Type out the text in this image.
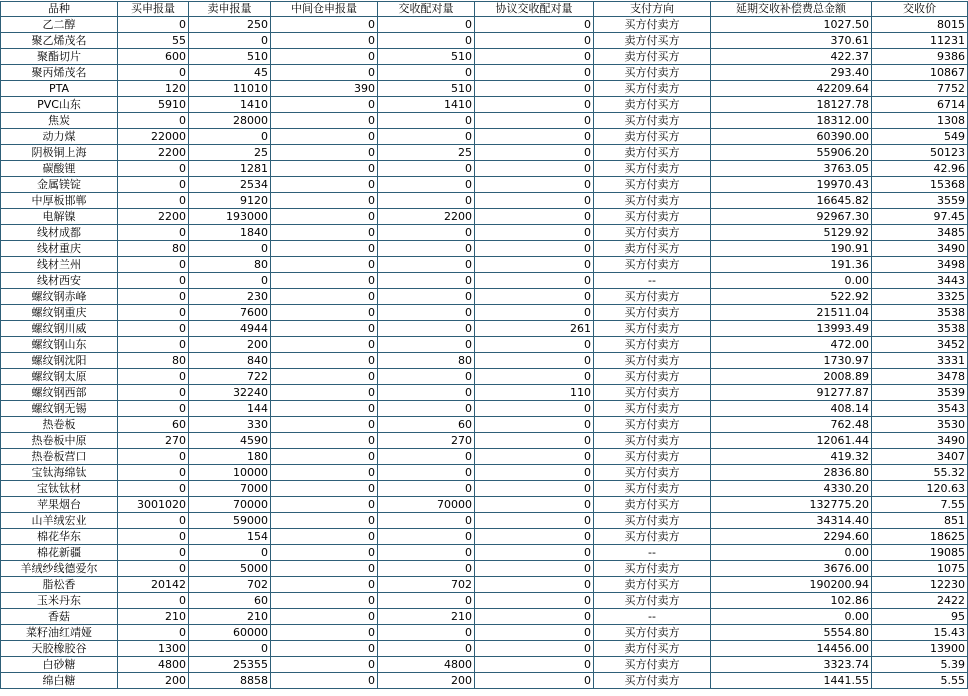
品种	买申报量	卖申报量	中间仓申报量	交收配对量	协议交收配对量	支付方向	延期交收补偿费总金额	交收价
乙二醇	0	250	0	0	0	买方付卖方	1027.50	8015
聚乙烯茂名	55	0	0	0	0	卖方付买方	370.61	11231
聚酯切片	600	510	0	510	0	卖方付买方	422.37	9386
聚丙烯茂名	0	45	0	0	0	买方付卖方	293.40	10867
PTA	120	11010	390	510	0	买方付卖方	42209.64	7752
PVC山东	5910	1410	0	1410	0	卖方付买方	18127.78	6714
焦炭	0	28000	0	0	0	买方付卖方	18312.00	1308
动力煤	22000	0	0	0	0	卖方付买方	60390.00	549
阴极铜上海	2200	25	0	25	0	卖方付买方	55906.20	50123
碳酸锂	0	1281	0	0	0	买方付卖方	3763.05	42.96
金属镁锭	0	2534	0	0	0	买方付卖方	19970.43	15368
中厚板邯郸	0	9120	0	0	0	买方付卖方	16645.82	3559
电解镍	2200	193000	0	2200	0	买方付卖方	92967.30	97.45
线材成都	0	1840	0	0	0	买方付卖方	5129.92	3485
线材重庆	80	0	0	0	0	卖方付买方	190.91	3490
线材兰州	0	80	0	0	0	买方付卖方	191.36	3498
线材西安	0	0	0	0	0	--	0.00	3443
螺纹钢赤峰	0	230	0	0	0	买方付卖方	522.92	3325
螺纹钢重庆	0	7600	0	0	0	买方付卖方	21511.04	3538
螺纹钢川威	0	4944	0	0	261	买方付卖方	13993.49	3538
螺纹钢山东	0	200	0	0	0	买方付卖方	472.00	3452
螺纹钢沈阳	80	840	0	80	0	买方付卖方	1730.97	3331
螺纹钢太原	0	722	0	0	0	买方付卖方	2008.89	3478
螺纹钢西部	0	32240	0	0	110	买方付卖方	91277.87	3539
螺纹钢无锡	0	144	0	0	0	买方付卖方	408.14	3543
热卷板	60	330	0	60	0	买方付卖方	762.48	3530
热卷板中原	270	4590	0	270	0	买方付卖方	12061.44	3490
热卷板营口	0	180	0	0	0	买方付卖方	419.32	3407
宝钛海绵钛	0	10000	0	0	0	买方付卖方	2836.80	55.32
宝钛钛材	0	7000	0	0	0	买方付卖方	4330.20	120.63
苹果烟台	3001020	70000	0	70000	0	卖方付买方	132775.20	7.55
山羊绒宏业	0	59000	0	0	0	买方付卖方	34314.40	851
棉花华东	0	154	0	0	0	买方付卖方	2294.60	18625
棉花新疆	0	0	0	0	0	--	0.00	19085
羊绒纱线德爱尔	0	5000	0	0	0	买方付卖方	3676.00	1075
脂松香	20142	702	0	702	0	卖方付买方	190200.94	12230
玉米丹东	0	60	0	0	0	买方付卖方	102.86	2422
香菇	210	210	0	210	0	--	0.00	95
菜籽油红靖娅	0	60000	0	0	0	买方付卖方	5554.80	15.43
天胶橡胶谷	1300	0	0	0	0	卖方付买方	14456.00	13900
白砂糖	4800	25355	0	4800	0	买方付卖方	3323.74	5.39
绵白糖	200	8858	0	200	0	买方付卖方	1441.55	5.55
